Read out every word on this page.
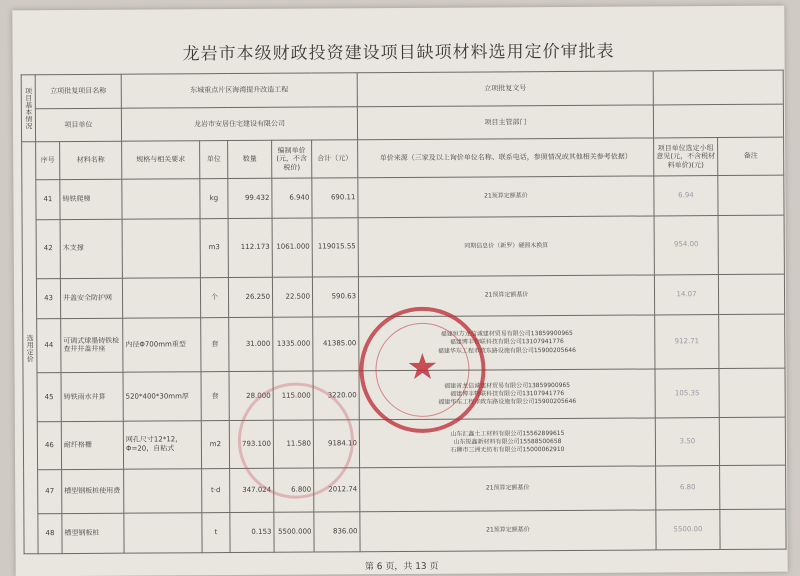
龙岩市本级财政投资建设项目缺项材料选用定价审批表
项目基本情况	立项批复项目名称		东城重点片区海湾提升改造工程					立项批复文号		
	项目单位		龙岩市安居住宅建设有限公司					项目主管部门		
选用定价	序号	材料名称	规格与相关要求	单位	数量	编制单价(元，不含税价)	合计（元）	单价来源（三家及以上询价单位名称、联系电话，参照情况或其他相关参考依据）	项目单位选定小组意见(元，不含税材料单价)(元)	备注
	41	铸铁爬梯		kg	99.432	6.940	690.11	21预算定额基价	6.94	
	42	木支撑		m3	112.173	1061.000	119015.55	同期信息价（新罗）硬圆木换算	954.00	
	43	井盖安全防护网		个	26.250	22.500	590.63	21预算定额基价	14.07	
	44	可调式球墨铸铁检查井井盖井座	内径Φ700mm重型	套	31.000	1335.000	41385.00	福建恒方龙信诚建材贸易有限公司13859900965
福建博丰物联科技有限公司13107941776
福建华东工程市政东路设施有限公司15900205646	912.71	
	45	铸铁雨水井算	520*400*30mm厚	套	28.000	115.000	3220.00	福建省龙信诚建材贸易有限公司13859900965
福建博丰物联科技有限公司13107941776
福建华东工程市政东路设施有限公司15900205646	105.35	
	46	耐纤格栅	网孔尺寸12*12，Φ=20，自粘式	m2	793.100	11.580	9184.10	山东汇鑫土工材料有限公司15562899615
山东锐鑫新材料有限公司15588500658
石狮市三洲无纺布有限公司15000062910	3.50	
	47	槽型钢板桩使用费		t·d	347.024	6.800	2012.74	21预算定额基价	6.80	
	48	槽型钢板桩		t	0.153	5500.000	836.00	21预算定额基价	5500.00	
★
第 6 页，共 13 页
